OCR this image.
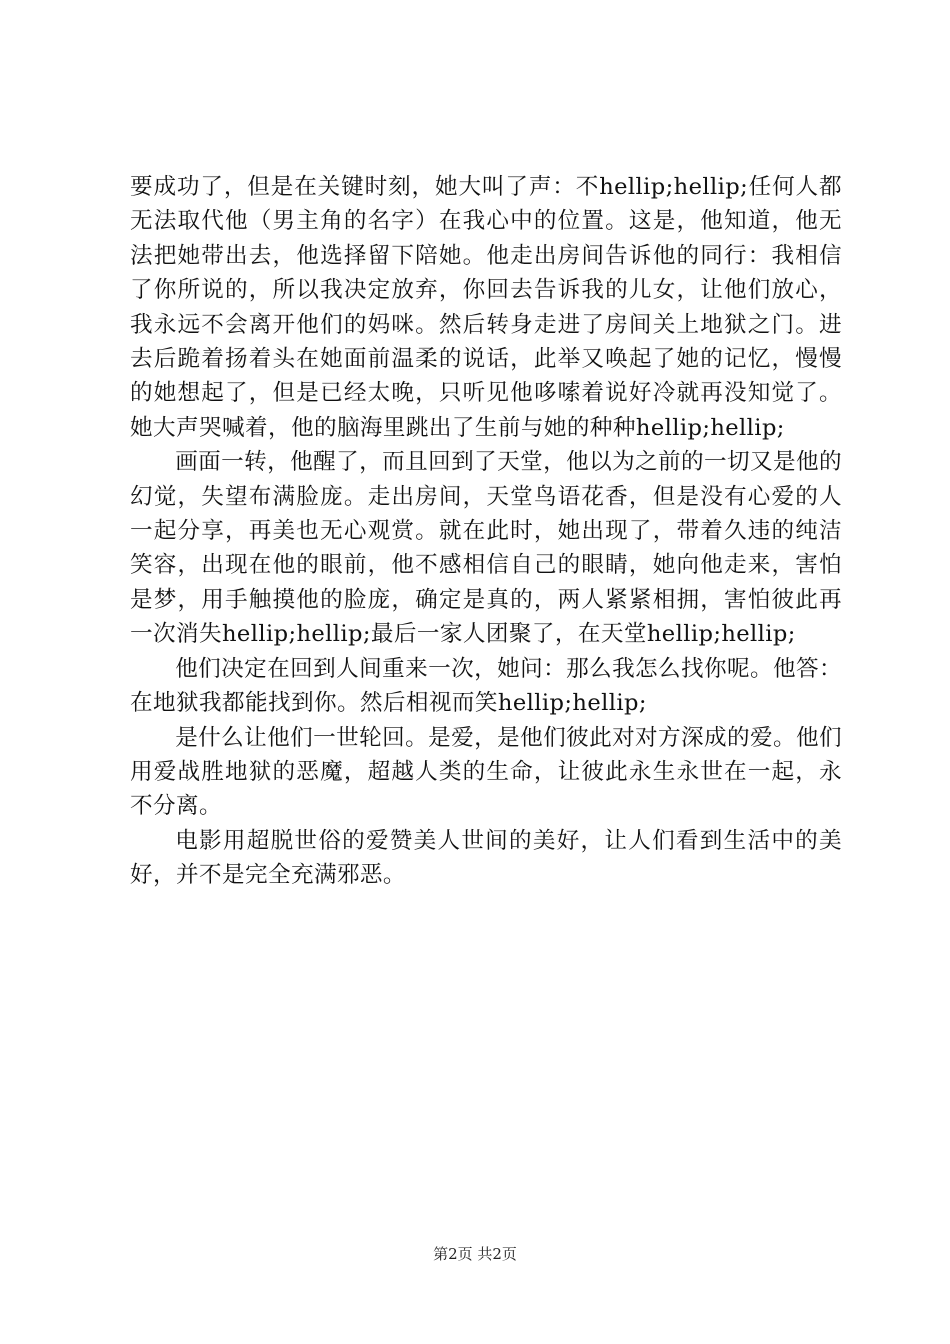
要成功了，但是在关键时刻，她大叫了声：不hellip;hellip;任何人都无法取代他（男主角的名字）在我心中的位置。这是，他知道，他无法把她带出去，他选择留下陪她。他走出房间告诉他的同行：我相信了你所说的，所以我决定放弃，你回去告诉我的儿女，让他们放心，我永远不会离开他们的妈咪。然后转身走进了房间关上地狱之门。进去后跪着扬着头在她面前温柔的说话，此举又唤起了她的记忆，慢慢的她想起了，但是已经太晚，只听见他哆嗦着说好冷就再没知觉了。她大声哭喊着，他的脑海里跳出了生前与她的种种hellip;hellip;

画面一转，他醒了，而且回到了天堂，他以为之前的一切又是他的幻觉，失望布满脸庞。走出房间，天堂鸟语花香，但是没有心爱的人一起分享，再美也无心观赏。就在此时，她出现了，带着久违的纯洁笑容，出现在他的眼前，他不感相信自己的眼睛，她向他走来，害怕是梦，用手触摸他的脸庞，确定是真的，两人紧紧相拥，害怕彼此再一次消失hellip;hellip;最后一家人团聚了，在天堂hellip;hellip;

他们决定在回到人间重来一次，她问：那么我怎么找你呢。他答：在地狱我都能找到你。然后相视而笑hellip;hellip;

是什么让他们一世轮回。是爱，是他们彼此对对方深成的爱。他们用爱战胜地狱的恶魔，超越人类的生命，让彼此永生永世在一起，永不分离。

电影用超脱世俗的爱赞美人世间的美好，让人们看到生活中的美好，并不是完全充满邪恶。

第2页 共2页
